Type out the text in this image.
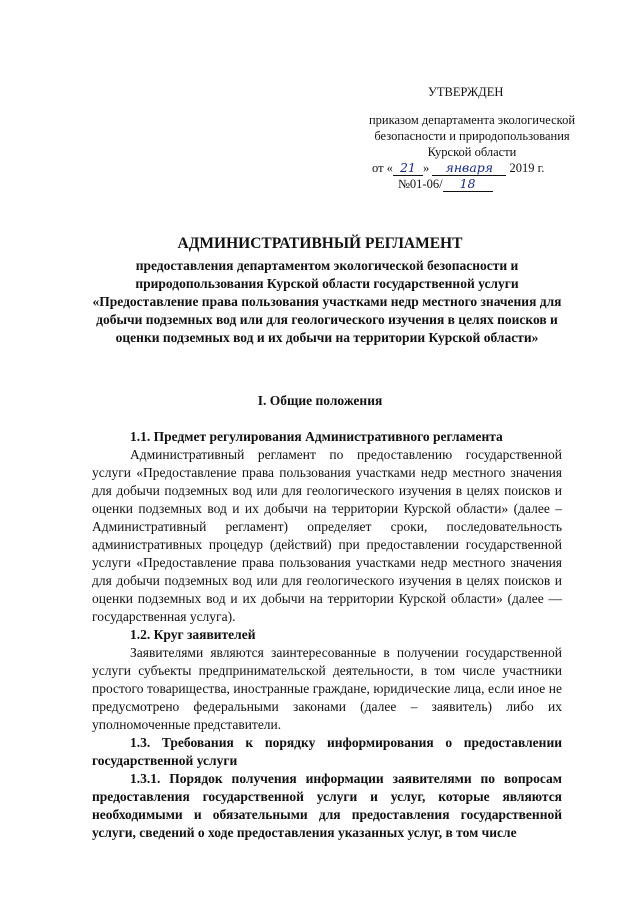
УТВЕРЖДЕН
приказом департамента экологической безопасности и природопользования Курской области
от « 21 » января 2019 г.
№01-06/ 18
АДМИНИСТРАТИВНЫЙ РЕГЛАМЕНТ
предоставления департаментом экологической безопасности и природопользования Курской области государственной услуги «Предоставление права пользования участками недр местного значения для добычи подземных вод или для геологического изучения в целях поисков и оценки подземных вод и их добычи на территории Курской области»
I. Общие положения
1.1. Предмет регулирования Административного регламента

Административный регламент по предоставлению государственной услуги «Предоставление права пользования участками недр местного значения для добычи подземных вод или для геологического изучения в целях поисков и оценки подземных вод и их добычи на территории Курской области» (далее – Административный регламент) определяет сроки, последовательность административных процедур (действий) при предоставлении государственной услуги «Предоставление права пользования участками недр местного значения для добычи подземных вод или для геологического изучения в целях поисков и оценки подземных вод и их добычи на территории Курской области» (далее — государственная услуга).

1.2. Круг заявителей

Заявителями являются заинтересованные в получении государственной услуги субъекты предпринимательской деятельности, в том числе участники простого товарищества, иностранные граждане, юридические лица, если иное не предусмотрено федеральными законами (далее – заявитель) либо их уполномоченные представители.

1.3. Требования к порядку информирования о предоставлении государственной услуги
1.3.1. Порядок получения информации заявителями по вопросам предоставления государственной услуги и услуг, которые являются необходимыми и обязательными для предоставления государственной услуги, сведений о ходе предоставления указанных услуг, в том числе
